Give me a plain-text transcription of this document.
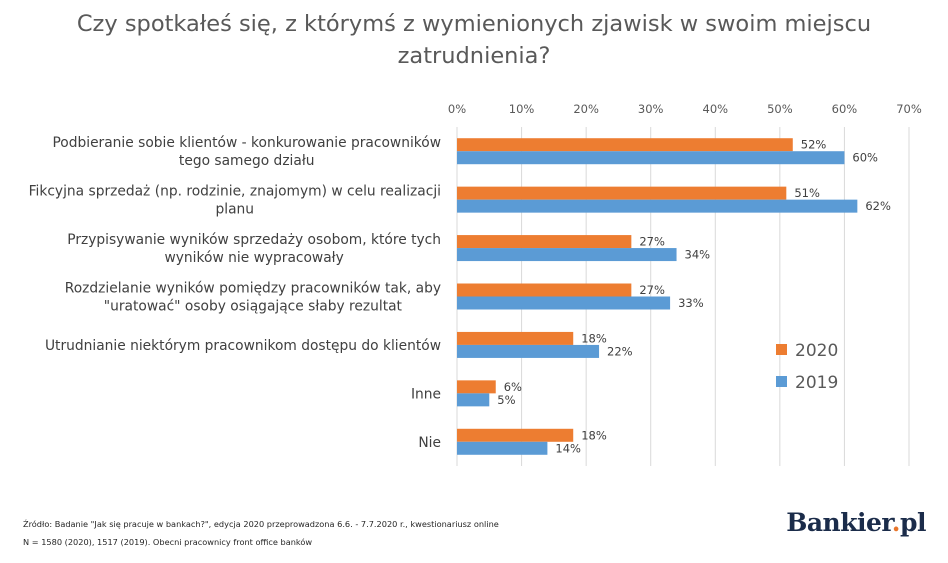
Czy spotkałeś się, z którymś z wymienionych zjawisk w swoim miejscu zatrudnienia?
0%	10%	20%	30%	40%	50%	60%	70%
52%
60%
Podbieranie sobie klientów - konkurowanie pracowników
tego samego działu
51%
62%
Fikcyjna sprzedaż (np. rodzinie, znajomym) w celu realizacji
planu
27%
34%
Przypisywanie wyników sprzedaży osobom, które tych
wyników nie wypracowały
27%
33%
Rozdzielanie wyników pomiędzy pracowników tak, aby
"uratować" osoby osiągające słaby rezultat
18%
22%
Utrudnianie niektórym pracownikom dostępu do klientów
6%
5%
Inne
18%
14%
Nie
2020
2019
Źródło: Badanie "Jak się pracuje w bankach?", edycja 2020 przeprowadzona 6.6. - 7.7.2020 r., kwestionariusz online
N = 1580 (2020), 1517 (2019). Obecni pracownicy front office banków
Bankier.pl
